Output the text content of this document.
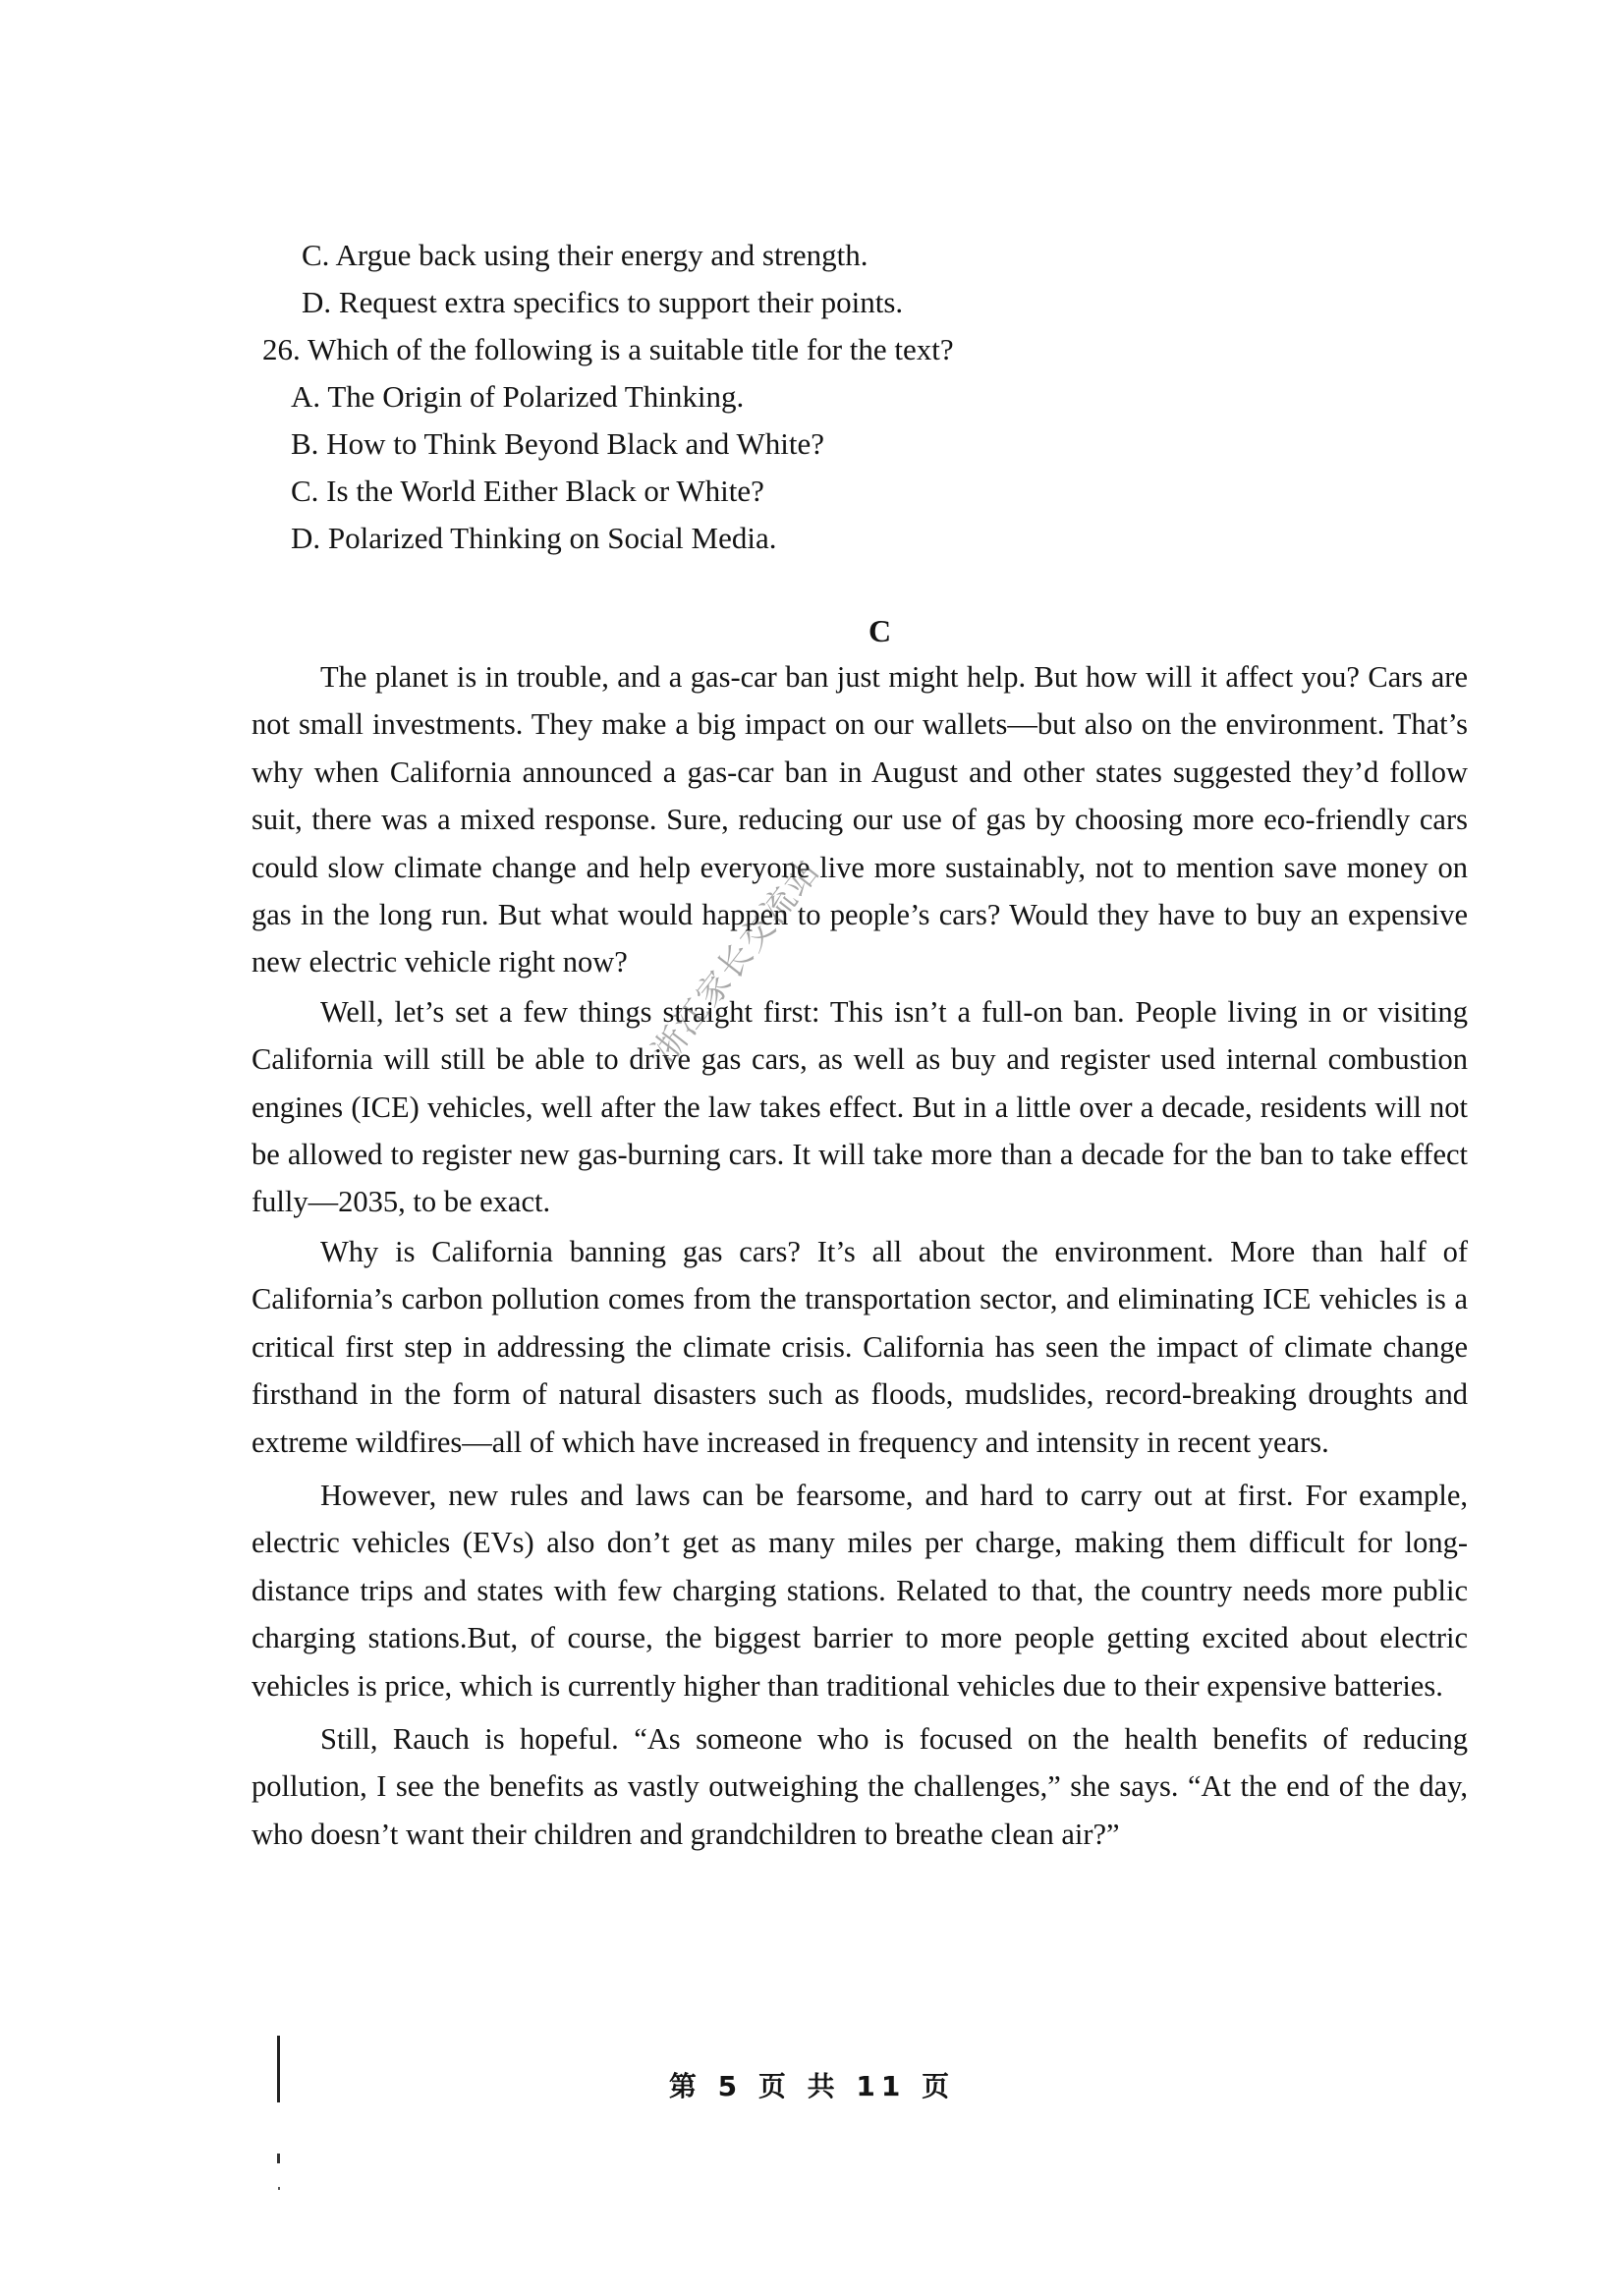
C. Argue back using their energy and strength.
D. Request extra specifics to support their points.
26. Which of the following is a suitable title for the text?
A. The Origin of Polarized Thinking.
B. How to Think Beyond Black and White?
C. Is the World Either Black or White?
D. Polarized Thinking on Social Media.
C

The planet is in trouble, and a gas-car ban just might help. But how will it affect you? Cars are not small investments. They make a big impact on our wallets—but also on the environment. That’s why when California announced a gas-car ban in August and other states suggested they’d follow suit, there was a mixed response. Sure, reducing our use of gas by choosing more eco-friendly cars could slow climate change and help everyone live more sustainably, not to mention save money on gas in the long run. But what would happen to people’s cars? Would they have to buy an expensive new electric vehicle right now?

Well, let’s set a few things straight first: This isn’t a full-on ban. People living in or visiting California will still be able to drive gas cars, as well as buy and register used internal combustion engines (ICE) vehicles, well after the law takes effect. But in a little over a decade, residents will not be allowed to register new gas-burning cars. It will take more than a decade for the ban to take effect fully—2035, to be exact.

Why is California banning gas cars? It’s all about the environment. More than half of California’s carbon pollution comes from the transportation sector, and eliminating ICE vehicles is a critical first step in addressing the climate crisis. California has seen the impact of climate change firsthand in the form of natural disasters such as floods, mudslides, record-breaking droughts and extreme wildfires—all of which have increased in frequency and intensity in recent years.

However, new rules and laws can be fearsome, and hard to carry out at first. For example, electric vehicles (EVs) also don’t get as many miles per charge, making them difficult for long-distance trips and states with few charging stations. Related to that, the country needs more public charging stations.But, of course, the biggest barrier to more people getting excited about electric vehicles is price, which is currently higher than traditional vehicles due to their expensive batteries.

Still, Rauch is hopeful. “As someone who is focused on the health benefits of reducing pollution, I see the benefits as vastly outweighing the challenges,” she says. “At the end of the day, who doesn’t want their children and grandchildren to breathe clean air?”

浙江家长交流站
第 5 页 共 11 页
